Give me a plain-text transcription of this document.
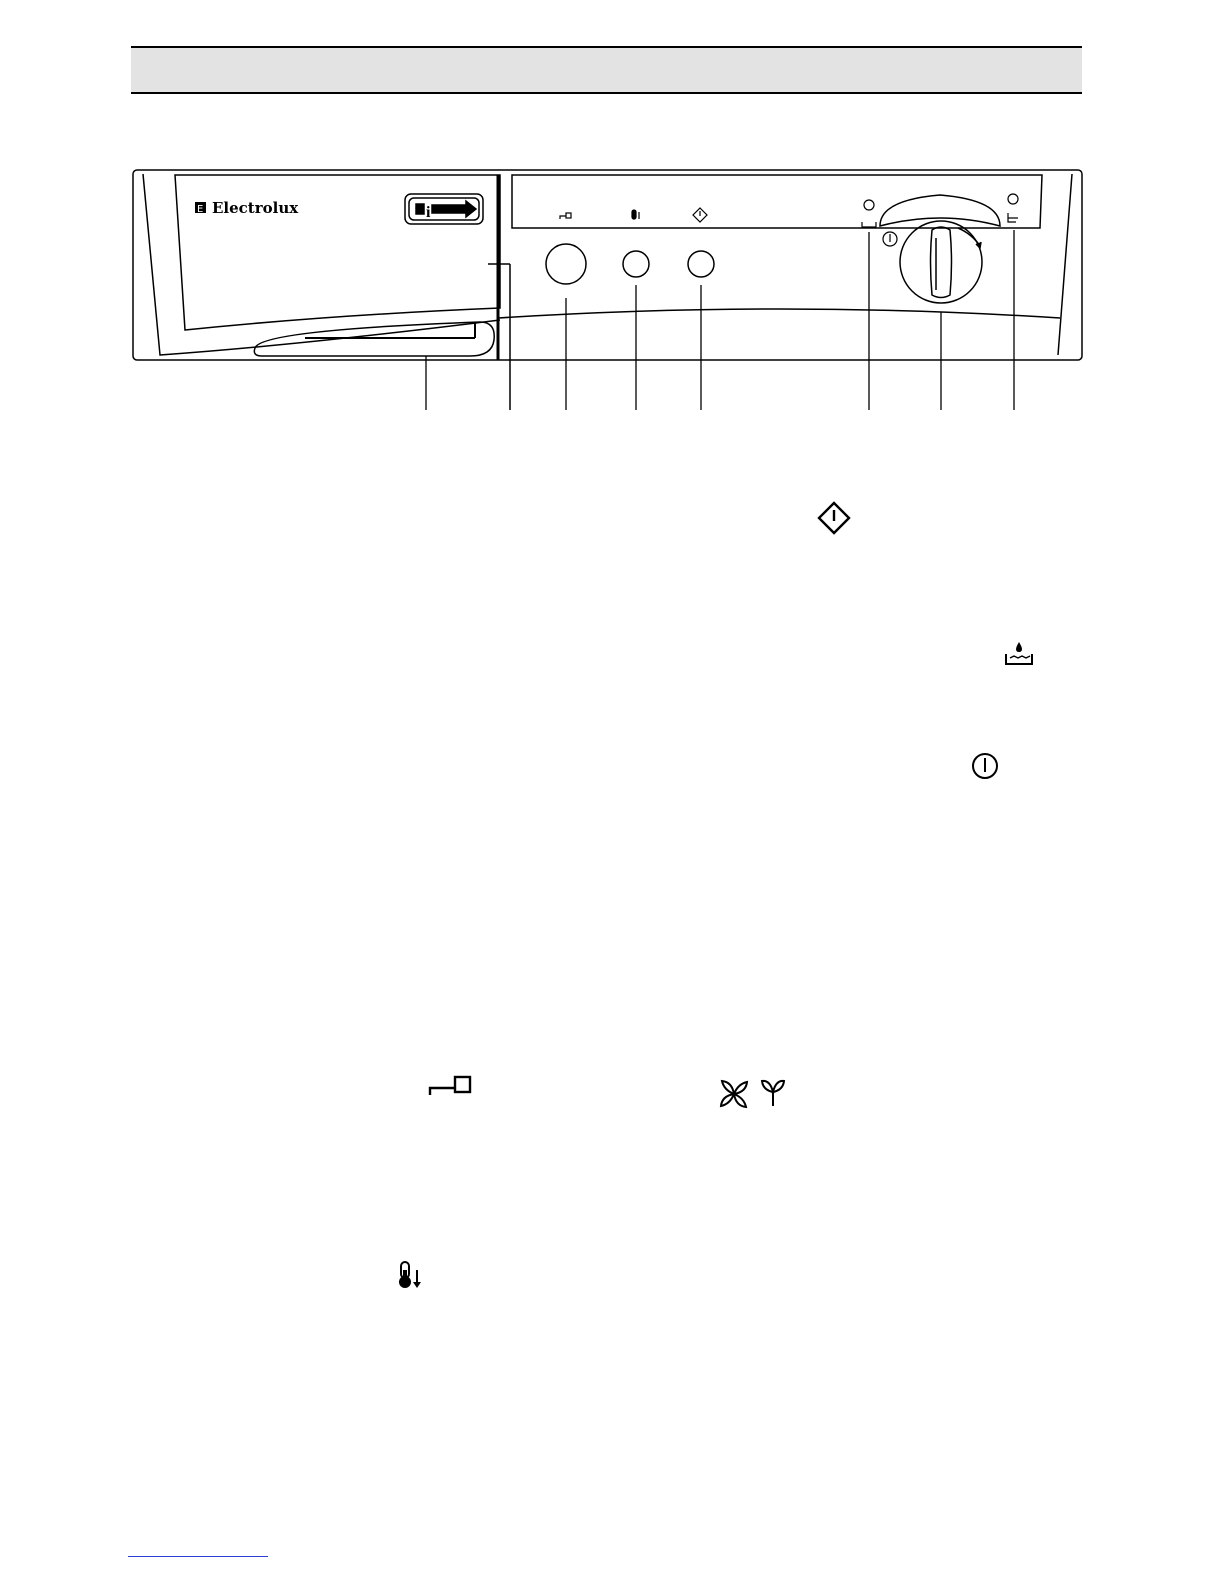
E Electrolux	i
